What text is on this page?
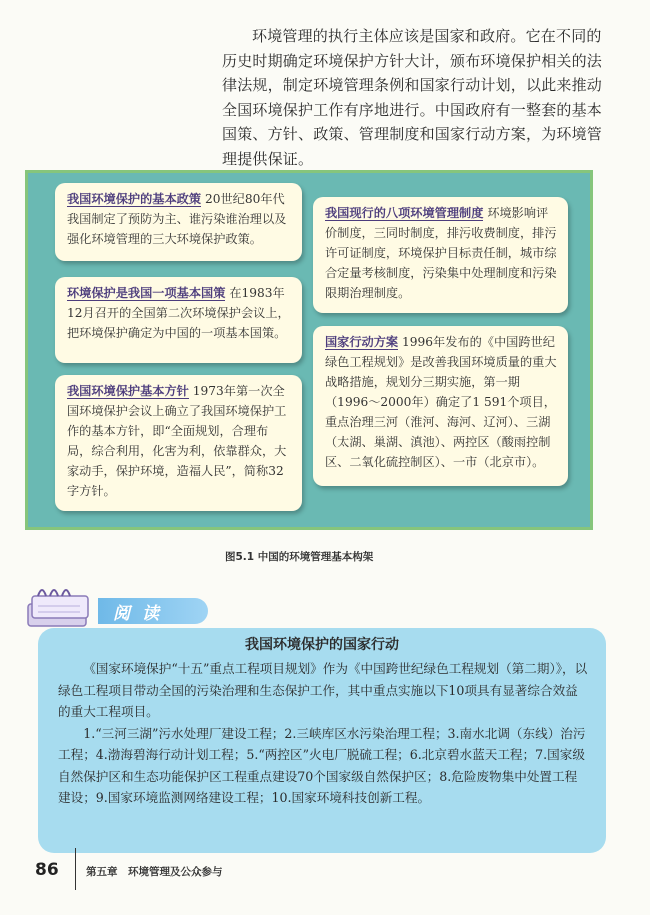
环境管理的执行主体应该是国家和政府。它在不同的历史时期确定环境保护方针大计，颁布环境保护相关的法律法规，制定环境管理条例和国家行动计划，以此来推动全国环境保护工作有序地进行。中国政府有一整套的基本国策、方针、政策、管理制度和国家行动方案，为环境管理提供保证。

我国环境保护的基本政策 20世纪80年代我国制定了预防为主、谁污染谁治理以及强化环境管理的三大环境保护政策。
环境保护是我国一项基本国策 在1983年12月召开的全国第二次环境保护会议上，把环境保护确定为中国的一项基本国策。
我国环境保护基本方针 1973年第一次全国环境保护会议上确立了我国环境保护工作的基本方针，即“全面规划，合理布局，综合利用，化害为利，依靠群众，大家动手，保护环境，造福人民”，简称32字方针。
我国现行的八项环境管理制度 环境影响评价制度，三同时制度，排污收费制度，排污许可证制度，环境保护目标责任制，城市综合定量考核制度，污染集中处理制度和污染限期治理制度。
国家行动方案 1996年发布的《中国跨世纪绿色工程规划》是改善我国环境质量的重大战略措施，规划分三期实施，第一期（1996～2000年）确定了1 591个项目，重点治理三河（淮河、海河、辽河）、三湖（太湖、巢湖、滇池）、两控区（酸雨控制区、二氧化硫控制区）、一市（北京市）。
图5.1 中国的环境管理基本构架
阅读
我国环境保护的国家行动

《国家环境保护“十五”重点工程项目规划》作为《中国跨世纪绿色工程规划（第二期）》，以绿色工程项目带动全国的污染治理和生态保护工作，其中重点实施以下10项具有显著综合效益的重大工程项目。

1.“三河三湖”污水处理厂建设工程；2.三峡库区水污染治理工程；3.南水北调（东线）治污工程；4.渤海碧海行动计划工程；5.“两控区”火电厂脱硫工程；6.北京碧水蓝天工程；7.国家级自然保护区和生态功能保护区工程重点建设70个国家级自然保护区；8.危险废物集中处置工程建设；9.国家环境监测网络建设工程；10.国家环境科技创新工程。

86	第五章　环境管理及公众参与
